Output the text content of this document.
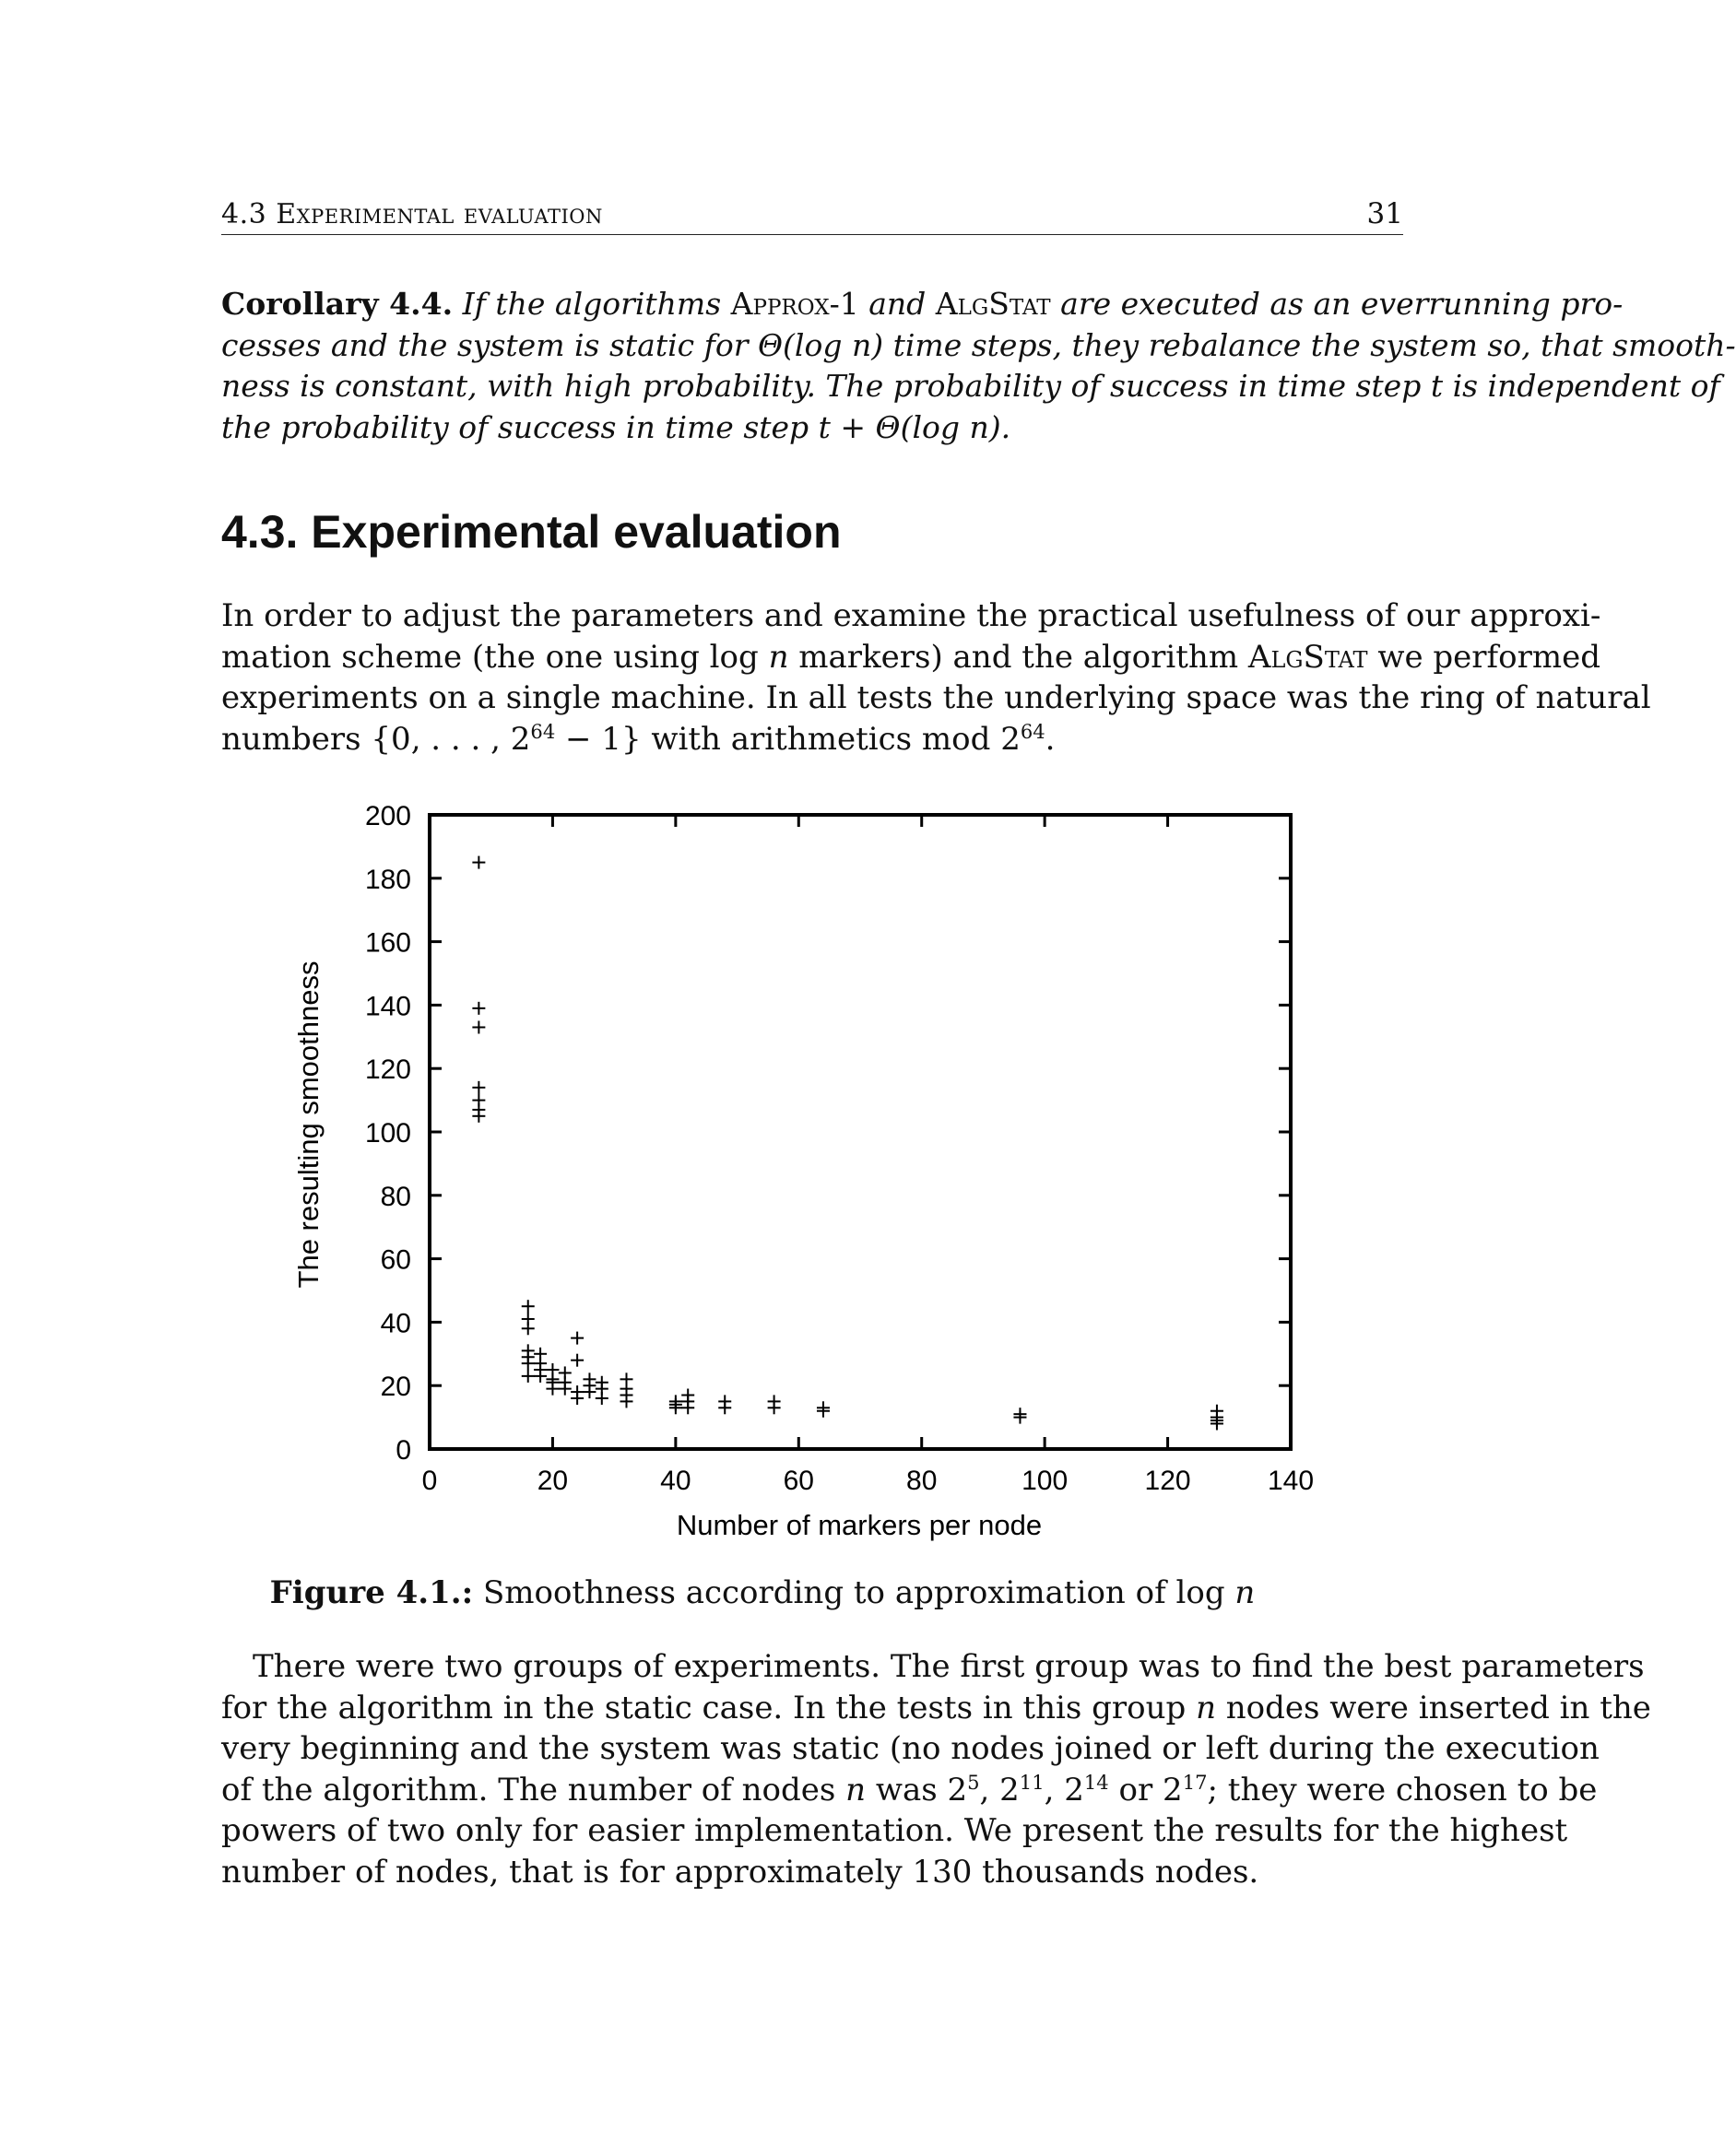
4.3 Experimental evaluation	31
Corollary 4.4. If the algorithms Approx-1 and AlgStat are executed as an everrunning pro-
cesses and the system is static for Θ(log n) time steps, they rebalance the system so, that smooth-
ness is constant, with high probability. The probability of success in time step t is independent of
the probability of success in time step t + Θ(log n).
4.3. Experimental evaluation
In order to adjust the parameters and examine the practical usefulness of our approxi-
mation scheme (the one using log n markers) and the algorithm AlgStat we performed
experiments on a single machine. In all tests the underlying space was the ring of natural
numbers {0, . . . , $2^{64} - 1$} with arithmetics mod $2^{64}$.
0	20	40	60	80	100	120	140
0
20
40
60
80
100
120
140
160
180
200
Number of markers per node
The resulting smoothness
Figure 4.1.: Smoothness according to approximation of log n
There were two groups of experiments. The first group was to find the best parameters
for the algorithm in the static case. In the tests in this group n nodes were inserted in the
very beginning and the system was static (no nodes joined or left during the execution
of the algorithm. The number of nodes n was $2^5$, $2^{11}$, $2^{14}$ or $2^{17}$; they were chosen to be
powers of two only for easier implementation. We present the results for the highest
number of nodes, that is for approximately 130 thousands nodes.
